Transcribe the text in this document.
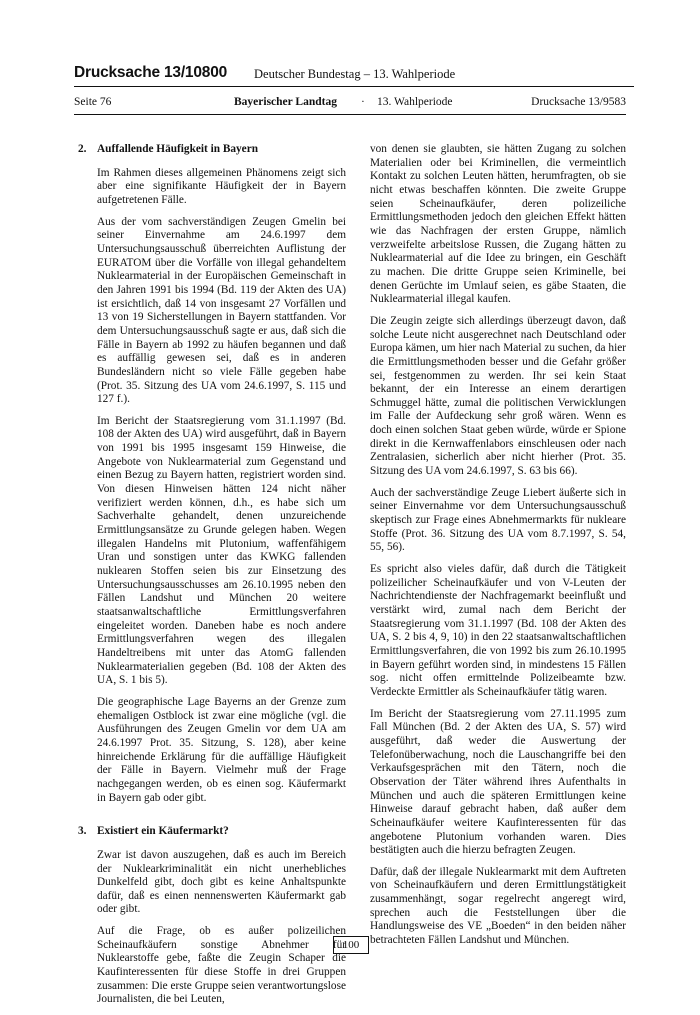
Drucksache 13/10800 Deutscher Bundestag – 13. Wahlperiode
Seite 76	Bayerischer Landtag · 13. Wahlperiode	Drucksache 13/9583
2. Auffallende Häufigkeit in Bayern

Im Rahmen dieses allgemeinen Phänomens zeigt sich aber eine signifikante Häufigkeit der in Bayern aufgetretenen Fälle.

Aus der vom sachverständigen Zeugen Gmelin bei seiner Einvernahme am 24.6.1997 dem Untersuchungsausschuß überreichten Auflistung der EURATOM über die Vorfälle von illegal gehandeltem Nuklearmaterial in der Europäischen Gemeinschaft in den Jahren 1991 bis 1994 (Bd. 119 der Akten des UA) ist ersichtlich, daß 14 von insgesamt 27 Vorfällen und 13 von 19 Sicherstellungen in Bayern stattfanden. Vor dem Untersuchungsausschuß sagte er aus, daß sich die Fälle in Bayern ab 1992 zu häufen begannen und daß es auffällig gewesen sei, daß es in anderen Bundesländern nicht so viele Fälle gegeben habe (Prot. 35. Sitzung des UA vom 24.6.1997, S. 115 und 127 f.).

Im Bericht der Staatsregierung vom 31.1.1997 (Bd. 108 der Akten des UA) wird ausgeführt, daß in Bayern von 1991 bis 1995 insgesamt 159 Hinweise, die Angebote von Nuklearmaterial zum Gegenstand und einen Bezug zu Bayern hatten, registriert worden sind. Von diesen Hinweisen hätten 124 nicht näher verifiziert werden können, d.h., es habe sich um Sachverhalte gehandelt, denen unzureichende Ermittlungsansätze zu Grunde gelegen haben. Wegen illegalen Handelns mit Plutonium, waffenfähigem Uran und sonstigen unter das KWKG fallenden nuklearen Stoffen seien bis zur Einsetzung des Untersuchungsausschusses am 26.10.1995 neben den Fällen Landshut und München 20 weitere staatsanwaltschaftliche Ermittlungsverfahren eingeleitet worden. Daneben habe es noch andere Ermittlungsverfahren wegen des illegalen Handeltreibens mit unter das AtomG fallenden Nuklearmaterialien gegeben (Bd. 108 der Akten des UA, S. 1 bis 5).

Die geographische Lage Bayerns an der Grenze zum ehemaligen Ostblock ist zwar eine mögliche (vgl. die Ausführungen des Zeugen Gmelin vor dem UA am 24.6.1997 Prot. 35. Sitzung, S. 128), aber keine hinreichende Erklärung für die auffällige Häufigkeit der Fälle in Bayern. Vielmehr muß der Frage nachgegangen werden, ob es einen sog. Käufermarkt in Bayern gab oder gibt.

3. Existiert ein Käufermarkt?

Zwar ist davon auszugehen, daß es auch im Bereich der Nuklearkriminalität ein nicht unerhebliches Dunkelfeld gibt, doch gibt es keine Anhaltspunkte dafür, daß es einen nennenswerten Käufermarkt gab oder gibt.

Auf die Frage, ob es außer polizeilichen Scheinaufkäufern sonstige Abnehmer für Nuklearstoffe gebe, faßte die Zeugin Schaper die Kaufinteressenten für diese Stoffe in drei Gruppen zusammen: Die erste Gruppe seien verantwortungslose Journalisten, die bei Leuten,

von denen sie glaubten, sie hätten Zugang zu solchen Materialien oder bei Kriminellen, die vermeintlich Kontakt zu solchen Leuten hätten, herumfragten, ob sie nicht etwas beschaffen könnten. Die zweite Gruppe seien Scheinaufkäufer, deren polizeiliche Ermittlungsmethoden jedoch den gleichen Effekt hätten wie das Nachfragen der ersten Gruppe, nämlich verzweifelte arbeitslose Russen, die Zugang hätten zu Nuklearmaterial auf die Idee zu bringen, ein Geschäft zu machen. Die dritte Gruppe seien Kriminelle, bei denen Gerüchte im Umlauf seien, es gäbe Staaten, die Nuklearmaterial illegal kaufen.

Die Zeugin zeigte sich allerdings überzeugt davon, daß solche Leute nicht ausgerechnet nach Deutschland oder Europa kämen, um hier nach Material zu suchen, da hier die Ermittlungsmethoden besser und die Gefahr größer sei, festgenommen zu werden. Ihr sei kein Staat bekannt, der ein Interesse an einem derartigen Schmuggel hätte, zumal die politischen Verwicklungen im Falle der Aufdeckung sehr groß wären. Wenn es doch einen solchen Staat geben würde, würde er Spione direkt in die Kernwaffenlabors einschleusen oder nach Zentralasien, sicherlich aber nicht hierher (Prot. 35. Sitzung des UA vom 24.6.1997, S. 63 bis 66).

Auch der sachverständige Zeuge Liebert äußerte sich in seiner Einvernahme vor dem Untersuchungsausschuß skeptisch zur Frage eines Abnehmermarkts für nukleare Stoffe (Prot. 36. Sitzung des UA vom 8.7.1997, S. 54, 55, 56).

Es spricht also vieles dafür, daß durch die Tätigkeit polizeilicher Scheinaufkäufer und von V-Leuten der Nachrichtendienste der Nachfragemarkt beeinflußt und verstärkt wird, zumal nach dem Bericht der Staatsregierung vom 31.1.1997 (Bd. 108 der Akten des UA, S. 2 bis 4, 9, 10) in den 22 staatsanwaltschaftlichen Ermittlungsverfahren, die von 1992 bis zum 26.10.1995 in Bayern geführt worden sind, in mindestens 15 Fällen sog. nicht offen ermittelnde Polizeibeamte bzw. Verdeckte Ermittler als Scheinaufkäufer tätig waren.

Im Bericht der Staatsregierung vom 27.11.1995 zum Fall München (Bd. 2 der Akten des UA, S. 57) wird ausgeführt, daß weder die Auswertung der Telefonüberwachung, noch die Lauschangriffe bei den Verkaufsgesprächen mit den Tätern, noch die Observation der Täter während ihres Aufenthalts in München und auch die späteren Ermittlungen keine Hinweise darauf gebracht haben, daß außer dem Scheinaufkäufer weitere Kaufinteressenten für das angebotene Plutonium vorhanden waren. Dies bestätigten auch die hierzu befragten Zeugen.

Dafür, daß der illegale Nuklearmarkt mit dem Auftreten von Scheinaufkäufern und deren Ermittlungstätigkeit zusammenhängt, sogar regelrecht angeregt wird, sprechen auch die Feststellungen über die Handlungsweise des VE „Boeden“ in den beiden näher betrachteten Fällen Landshut und München.

100
